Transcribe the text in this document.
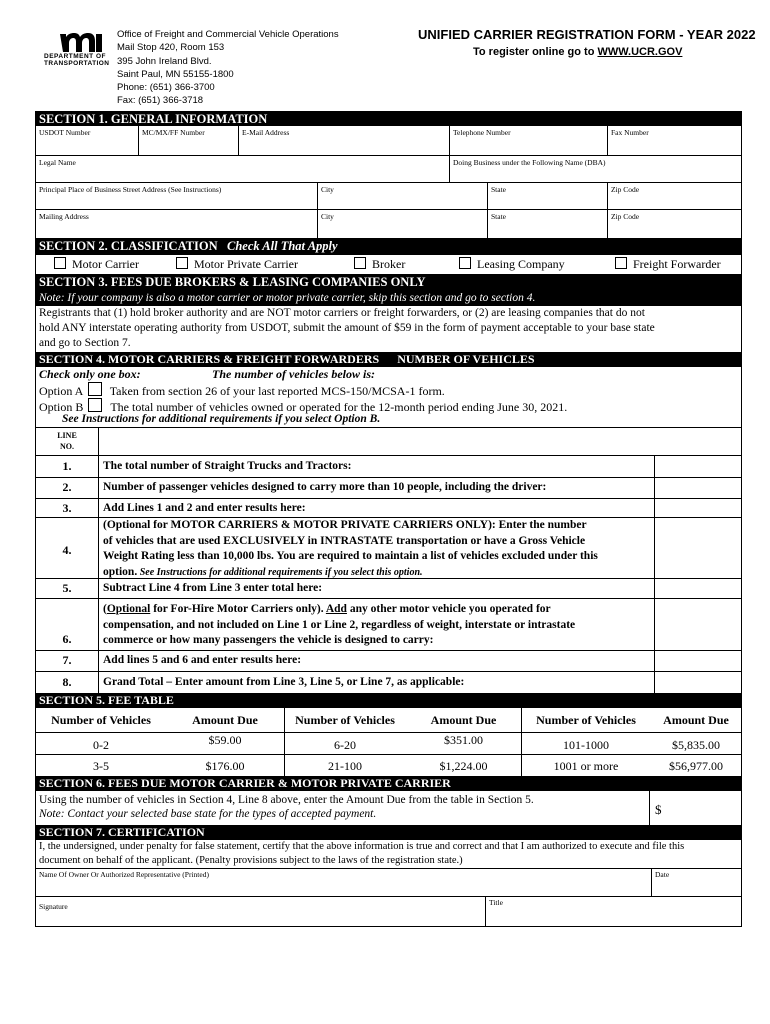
DEPARTMENT OF
TRANSPORTATION
Office of Freight and Commercial Vehicle Operations
Mail Stop 420, Room 153
395 John Ireland Blvd.
Saint Paul, MN 55155-1800
Phone: (651) 366-3700
Fax: (651) 366-3718
UNIFIED CARRIER REGISTRATION FORM - YEAR 2022
To register online go to WWW.UCR.GOV
SECTION 1. GENERAL INFORMATION
USDOT Number	MC/MX/FF Number	E-Mail Address	Telephone Number	Fax Number
Legal Name	Doing Business under the Following Name (DBA)
Principal Place of Business Street Address (See Instructions)	City	State	Zip Code
Mailing Address	City	State	Zip Code
SECTION 2. CLASSIFICATION Check All That Apply
Motor Carrier	Motor Private Carrier	Broker	Leasing Company	Freight Forwarder
SECTION 3. FEES DUE BROKERS & LEASING COMPANIES ONLY
Note: If your company is also a motor carrier or motor private carrier, skip this section and go to section 4.
Registrants that (1) hold broker authority and are NOT motor carriers or freight forwarders, or (2) are leasing companies that do not
hold ANY interstate operating authority from USDOT, submit the amount of $59 in the form of payment acceptable to your base state
and go to Section 7.
SECTION 4. MOTOR CARRIERS & FREIGHT FORWARDERS NUMBER OF VEHICLES
Check only one box:	The number of vehicles below is:
Option A Taken from section 26 of your last reported MCS-150/MCSA-1 form.
Option B The total number of vehicles owned or operated for the 12-month period ending June 30, 2021.
See Instructions for additional requirements if you select Option B.
LINE
NO.
1.	The total number of Straight Trucks and Tractors:
2.	Number of passenger vehicles designed to carry more than 10 people, including the driver:
3.	Add Lines 1 and 2 and enter results here:
4.
(Optional for MOTOR CARRIERS & MOTOR PRIVATE CARRIERS ONLY): Enter the number
of vehicles that are used EXCLUSIVELY in INTRASTATE transportation or have a Gross Vehicle
Weight Rating less than 10,000 lbs. You are required to maintain a list of vehicles excluded under this
option. See Instructions for additional requirements if you select this option.
5.	Subtract Line 4 from Line 3 enter total here:
6.
(Optional for For-Hire Motor Carriers only). Add any other motor vehicle you operated for
compensation, and not included on Line 1 or Line 2, regardless of weight, interstate or intrastate
commerce or how many passengers the vehicle is designed to carry:
7.	Add lines 5 and 6 and enter results here:
8.	Grand Total – Enter amount from Line 3, Line 5, or Line 7, as applicable:
SECTION 5. FEE TABLE
Number of Vehicles	Amount Due	Number of Vehicles	Amount Due	Number of Vehicles	Amount Due
0-2	$59.00	6-20	$351.00	101-1000	$5,835.00
3-5	$176.00	21-100	$1,224.00	1001 or more	$56,977.00
SECTION 6. FEES DUE MOTOR CARRIER & MOTOR PRIVATE CARRIER
Using the number of vehicles in Section 4, Line 8 above, enter the Amount Due from the table in Section 5.
Note: Contact your selected base state for the types of accepted payment.	$
SECTION 7. CERTIFICATION
I, the undersigned, under penalty for false statement, certify that the above information is true and correct and that I am authorized to execute and file this
document on behalf of the applicant. (Penalty provisions subject to the laws of the registration state.)
Name Of Owner Or Authorized Representative (Printed)	Date
Signature	Title
